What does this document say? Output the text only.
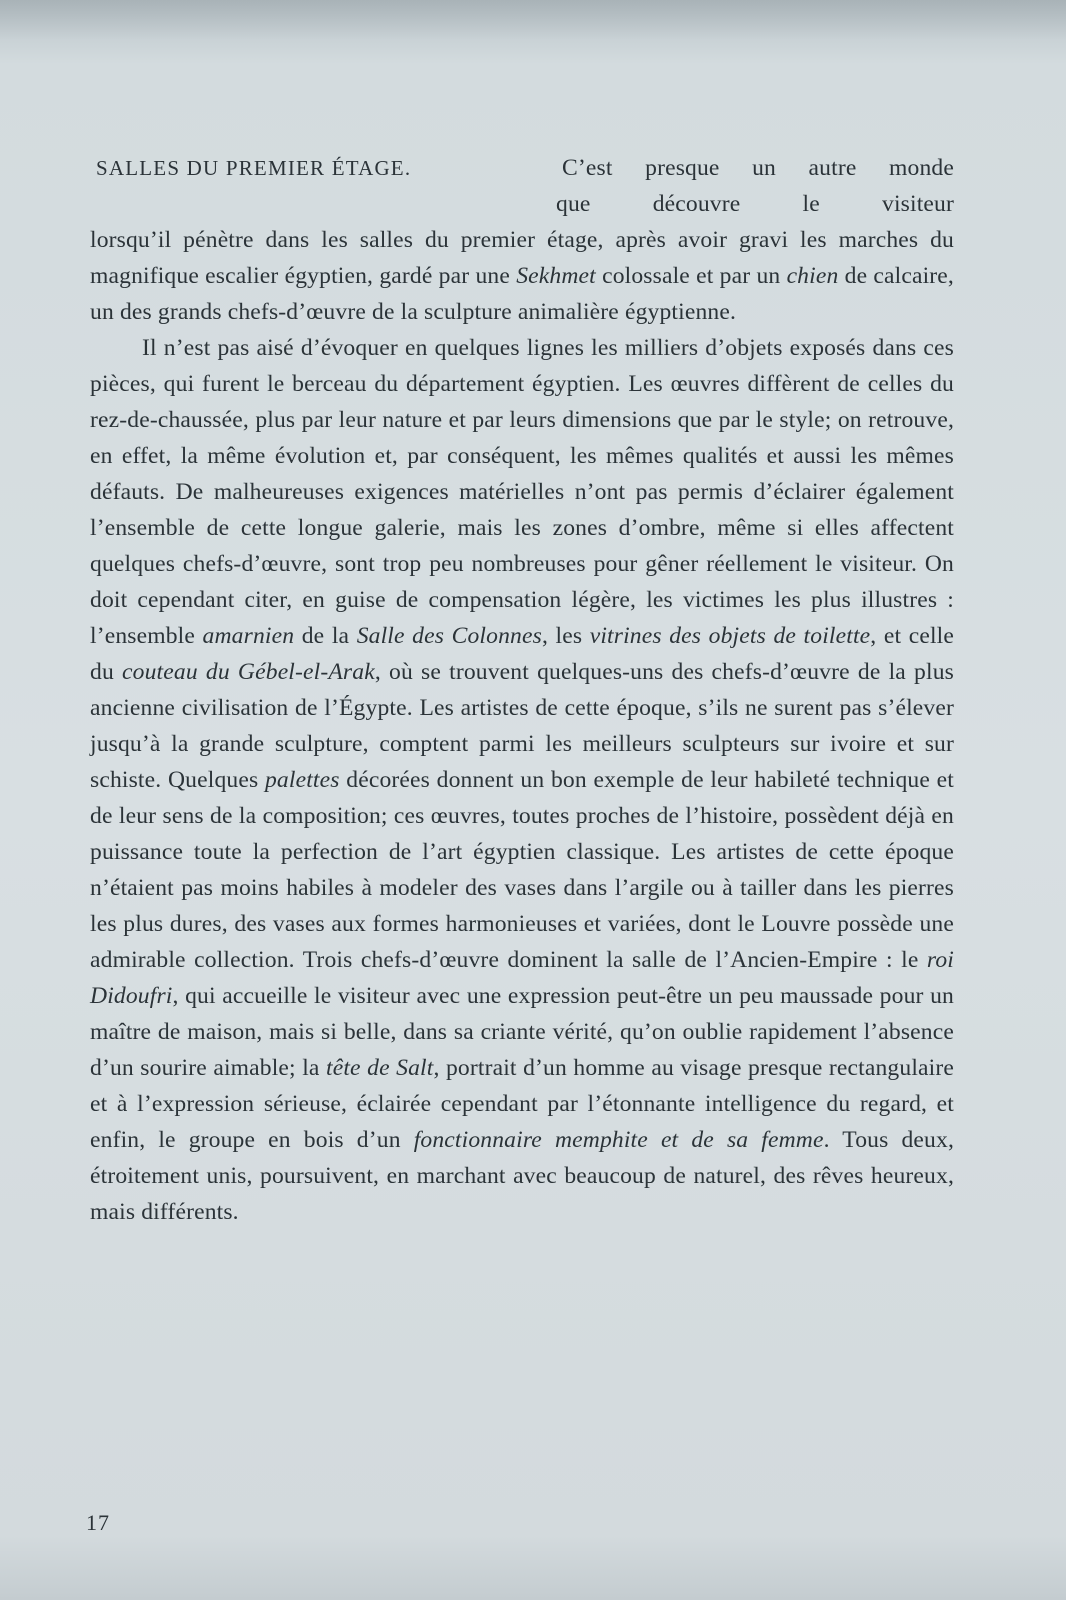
SALLES DU PREMIER ÉTAGE.	C’est presque un autre monde
que découvre le visiteur

lorsqu’il pénètre dans les salles du premier étage, après avoir gravi les marches du magnifique escalier égyptien, gardé par une Sekhmet colossale et par un chien de calcaire, un des grands chefs-d’œuvre de la sculpture animalière égyptienne.

Il n’est pas aisé d’évoquer en quelques lignes les milliers d’objets exposés dans ces pièces, qui furent le berceau du département égyptien. Les œuvres diffèrent de celles du rez-de-chaussée, plus par leur nature et par leurs dimensions que par le style; on retrouve, en effet, la même évolution et, par conséquent, les mêmes qualités et aussi les mêmes défauts. De malheureuses exigences matérielles n’ont pas permis d’éclairer également l’ensemble de cette longue galerie, mais les zones d’ombre, même si elles affectent quelques chefs-d’œuvre, sont trop peu nombreuses pour gêner réellement le visiteur. On doit cependant citer, en guise de compensation légère, les victimes les plus illustres : l’ensemble amarnien de la Salle des Colonnes, les vitrines des objets de toilette, et celle du couteau du Gébel-el-Arak, où se trouvent quelques-uns des chefs-d’œuvre de la plus ancienne civilisation de l’Égypte. Les artistes de cette époque, s’ils ne surent pas s’élever jusqu’à la grande sculpture, comptent parmi les meilleurs sculpteurs sur ivoire et sur schiste. Quelques palettes décorées donnent un bon exemple de leur habileté technique et de leur sens de la composition; ces œuvres, toutes proches de l’histoire, possèdent déjà en puissance toute la perfection de l’art égyptien classique. Les artistes de cette époque n’étaient pas moins habiles à modeler des vases dans l’argile ou à tailler dans les pierres les plus dures, des vases aux formes harmonieuses et variées, dont le Louvre possède une admirable collection. Trois chefs-d’œuvre dominent la salle de l’Ancien-Empire : le roi Didoufri, qui accueille le visiteur avec une expression peut-être un peu maussade pour un maître de maison, mais si belle, dans sa criante vérité, qu’on oublie rapidement l’absence d’un sourire aimable; la tête de Salt, portrait d’un homme au visage presque rectangulaire et à l’expression sérieuse, éclairée cependant par l’étonnante intelligence du regard, et enfin, le groupe en bois d’un fonctionnaire memphite et de sa femme. Tous deux, étroitement unis, poursuivent, en marchant avec beaucoup de naturel, des rêves heureux, mais différents.

17
